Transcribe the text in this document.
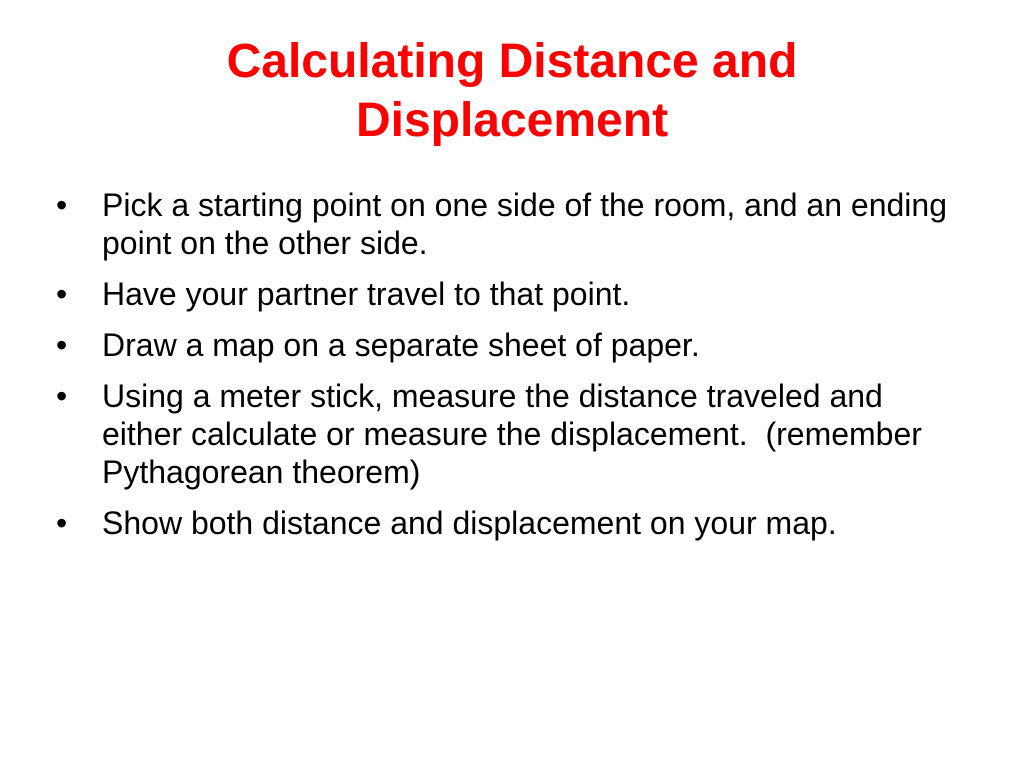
Calculating Distance and Displacement
•	Pick a starting point on one side of the room, and an ending point on the other side.
•	Have your partner travel to that point.
•	Draw a map on a separate sheet of paper.
•	Using a meter stick, measure the distance traveled and either calculate or measure the displacement.  (remember Pythagorean theorem)
•	Show both distance and displacement on your map.
